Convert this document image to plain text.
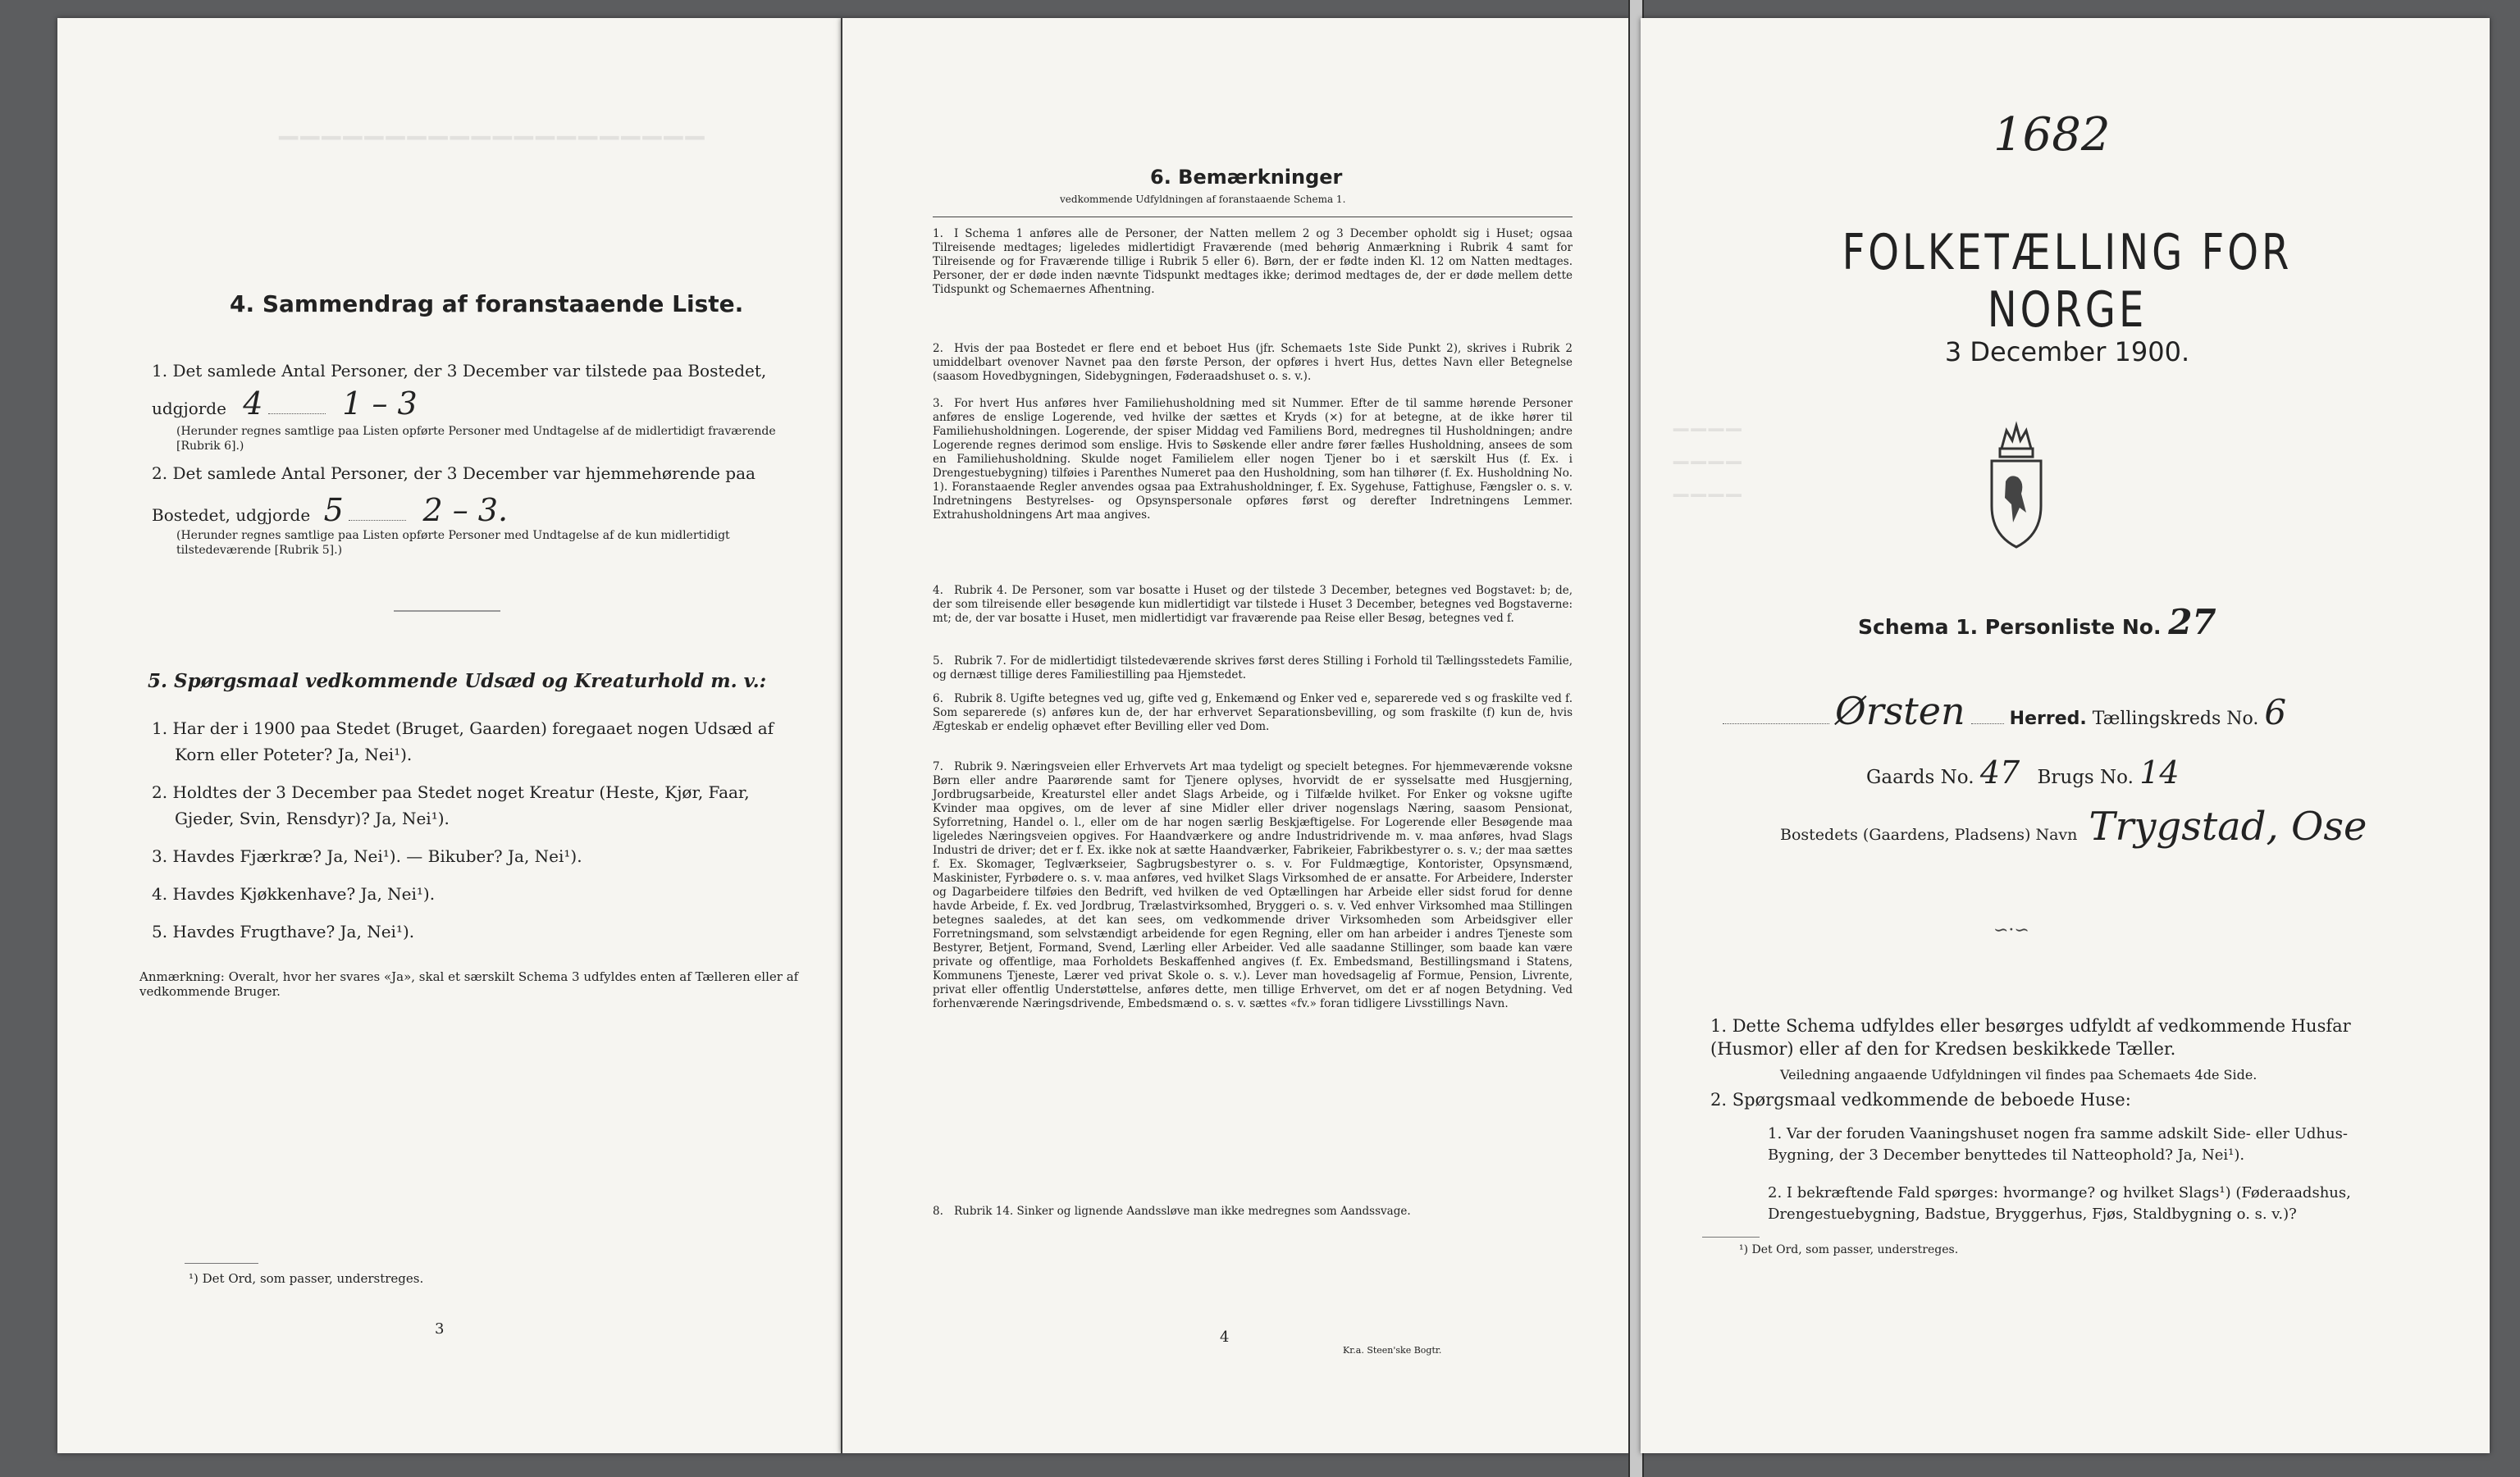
▔▔▔▔▔▔▔▔▔▔▔▔▔▔▔▔▔▔▔▔
4. Sammendrag af foranstaaende Liste.
1. Det samlede Antal Personer, der 3 December var tilstede paa Bostedet,
udgjorde 4	1 – 3
(Herunder regnes samtlige paa Listen opførte Personer med Undtagelse af de midlertidigt fraværende [Rubrik 6].)
2. Det samlede Antal Personer, der 3 December var hjemmehørende paa
Bostedet, udgjorde 5	2 – 3.
(Herunder regnes samtlige paa Listen opførte Personer med Undtagelse af de kun midlertidigt tilstedeværende [Rubrik 5].)
5. Spørgsmaal vedkommende Udsæd og Kreaturhold m. v.:
1. Har der i 1900 paa Stedet (Bruget, Gaarden) foregaaet nogen Udsæd af
Korn eller Poteter? Ja, Nei¹).
2. Holdtes der 3 December paa Stedet noget Kreatur (Heste, Kjør, Faar,
Gjeder, Svin, Rensdyr)? Ja, Nei¹).
3. Havdes Fjærkræ? Ja, Nei¹). — Bikuber? Ja, Nei¹).
4. Havdes Kjøkkenhave? Ja, Nei¹).
5. Havdes Frugthave? Ja, Nei¹).
Anmærkning: Overalt, hvor her svares «Ja», skal et særskilt Schema 3 udfyldes enten af Tælleren eller af vedkommende Bruger.
¹) Det Ord, som passer, understreges.
3
6. Bemærkninger
vedkommende Udfyldningen af foranstaaende Schema 1.
1. I Schema 1 anføres alle de Personer, der Natten mellem 2 og 3 December opholdt sig i Huset; ogsaa Tilreisende medtages; ligeledes midlertidigt Fraværende (med behørig Anmærkning i Rubrik 4 samt for Tilreisende og for Fraværende tillige i Rubrik 5 eller 6). Børn, der er fødte inden Kl. 12 om Natten medtages. Personer, der er døde inden nævnte Tidspunkt medtages ikke; derimod medtages de, der er døde mellem dette Tidspunkt og Schemaernes Afhentning.
2. Hvis der paa Bostedet er flere end et beboet Hus (jfr. Schemaets 1ste Side Punkt 2), skrives i Rubrik 2 umiddelbart ovenover Navnet paa den første Person, der opføres i hvert Hus, dettes Navn eller Betegnelse (saasom Hovedbygningen, Sidebygningen, Føderaadshuset o. s. v.).
3. For hvert Hus anføres hver Familiehusholdning med sit Nummer. Efter de til samme hørende Personer anføres de enslige Logerende, ved hvilke der sættes et Kryds (×) for at betegne, at de ikke hører til Familiehusholdningen. Logerende, der spiser Middag ved Familiens Bord, medregnes til Husholdningen; andre Logerende regnes derimod som enslige. Hvis to Søskende eller andre fører fælles Husholdning, ansees de som en Familiehusholdning. Skulde noget Familielem eller nogen Tjener bo i et særskilt Hus (f. Ex. i Drengestuebygning) tilføies i Parenthes Numeret paa den Husholdning, som han tilhører (f. Ex. Husholdning No. 1). Foranstaaende Regler anvendes ogsaa paa Extrahusholdninger, f. Ex. Sygehuse, Fattighuse, Fængsler o. s. v. Indretningens Bestyrelses- og Opsynspersonale opføres først og derefter Indretningens Lemmer. Extrahusholdningens Art maa angives.
4. Rubrik 4. De Personer, som var bosatte i Huset og der tilstede 3 December, betegnes ved Bogstavet: b; de, der som tilreisende eller besøgende kun midlertidigt var tilstede i Huset 3 December, betegnes ved Bogstaverne: mt; de, der var bosatte i Huset, men midlertidigt var fraværende paa Reise eller Besøg, betegnes ved f.
5. Rubrik 7. For de midlertidigt tilstedeværende skrives først deres Stilling i Forhold til Tællingsstedets Familie, og dernæst tillige deres Familiestilling paa Hjemstedet.
6. Rubrik 8. Ugifte betegnes ved ug, gifte ved g, Enkemænd og Enker ved e, separerede ved s og fraskilte ved f. Som separerede (s) anføres kun de, der har erhvervet Separationsbevilling, og som fraskilte (f) kun de, hvis Ægteskab er endelig ophævet efter Bevilling eller ved Dom.
7. Rubrik 9. Næringsveien eller Erhvervets Art maa tydeligt og specielt betegnes. For hjemmeværende voksne Børn eller andre Paarørende samt for Tjenere oplyses, hvorvidt de er sysselsatte med Husgjerning, Jordbrugsarbeide, Kreaturstel eller andet Slags Arbeide, og i Tilfælde hvilket. For Enker og voksne ugifte Kvinder maa opgives, om de lever af sine Midler eller driver nogenslags Næring, saasom Pensionat, Syforretning, Handel o. l., eller om de har nogen særlig Beskjæftigelse. For Logerende eller Besøgende maa ligeledes Næringsveien opgives. For Haandværkere og andre Industridrivende m. v. maa anføres, hvad Slags Industri de driver; det er f. Ex. ikke nok at sætte Haandværker, Fabrikeier, Fabrikbestyrer o. s. v.; der maa sættes f. Ex. Skomager, Teglværkseier, Sagbrugsbestyrer o. s. v. For Fuldmægtige, Kontorister, Opsynsmænd, Maskinister, Fyrbødere o. s. v. maa anføres, ved hvilket Slags Virksomhed de er ansatte. For Arbeidere, Inderster og Dagarbeidere tilføies den Bedrift, ved hvilken de ved Optællingen har Arbeide eller sidst forud for denne havde Arbeide, f. Ex. ved Jordbrug, Trælastvirksomhed, Bryggeri o. s. v. Ved enhver Virksomhed maa Stillingen betegnes saaledes, at det kan sees, om vedkommende driver Virksomheden som Arbeidsgiver eller Forretningsmand, som selvstændigt arbeidende for egen Regning, eller om han arbeider i andres Tjeneste som Bestyrer, Betjent, Formand, Svend, Lærling eller Arbeider. Ved alle saadanne Stillinger, som baade kan være private og offentlige, maa Forholdets Beskaffenhed angives (f. Ex. Embedsmand, Bestillingsmand i Statens, Kommunens Tjeneste, Lærer ved privat Skole o. s. v.). Lever man hovedsagelig af Formue, Pension, Livrente, privat eller offentlig Understøttelse, anføres dette, men tillige Erhvervet, om det er af nogen Betydning. Ved forhenværende Næringsdrivende, Embedsmænd o. s. v. sættes «fv.» foran tidligere Livsstillings Navn.
8. Rubrik 14. Sinker og lignende Aandssløve man ikke medregnes som Aandssvage.
4
Kr.a. Steen'ske Bogtr.
1682
▁▁▁▁
▁▁▁▁
▁▁▁▁
FOLKETÆLLING FOR NORGE
3 December 1900.
Schema 1. Personliste No. 27
Ørsten Herred. Tællingskreds No. 6
Gaards No. 47 Brugs No. 14
Bostedets (Gaardens, Pladsens) Navn Trygstad, Ose
∽·∽
1. Dette Schema udfyldes eller besørges udfyldt af vedkommende Husfar (Husmor) eller af den for Kredsen beskikkede Tæller.
Veiledning angaaende Udfyldningen vil findes paa Schemaets 4de Side.
2. Spørgsmaal vedkommende de beboede Huse:
1. Var der foruden Vaaningshuset nogen fra samme adskilt Side- eller Udhus-Bygning, der 3 December benyttedes til Natteophold? Ja, Nei¹).
2. I bekræftende Fald spørges: hvormange? og hvilket Slags¹) (Føderaadshus, Drengestuebygning, Badstue, Bryggerhus, Fjøs, Staldbygning o. s. v.)?
¹) Det Ord, som passer, understreges.
